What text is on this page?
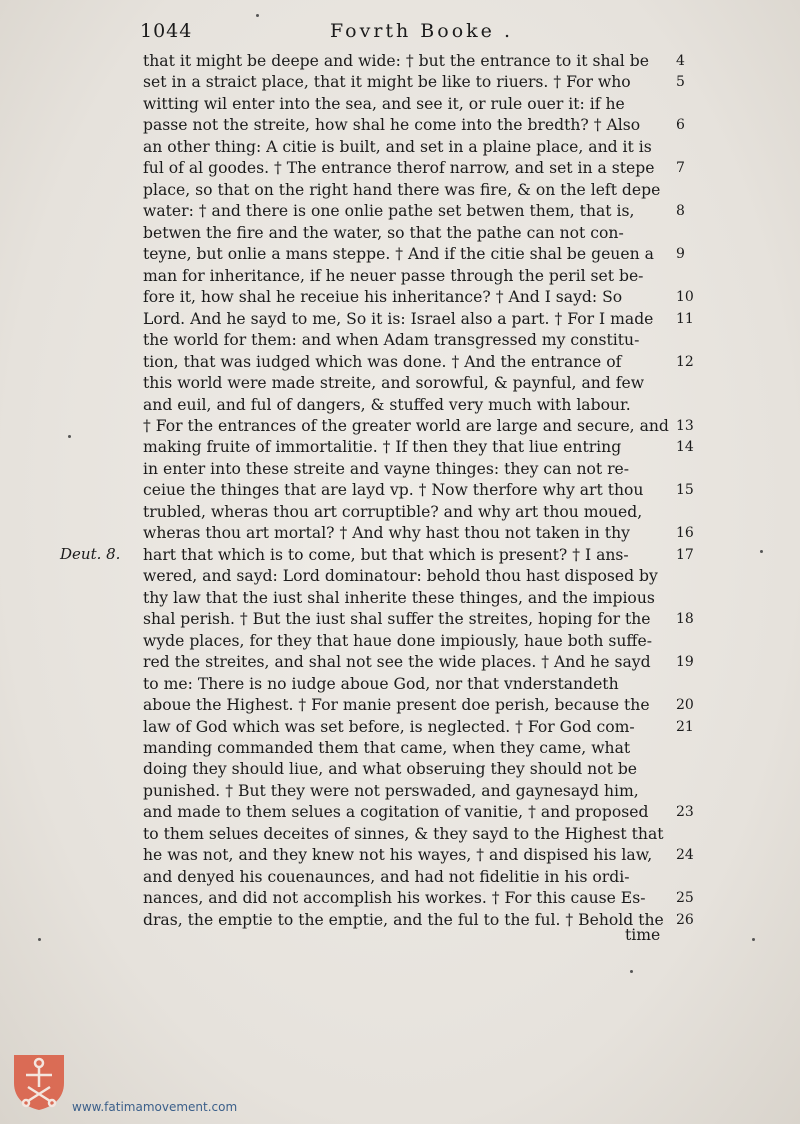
1044	Fovrth Booke .
that it might be deepe and wide: † but the entrance to it shal be
set in a straict place, that it might be like to riuers. † For who
witting wil enter into the sea, and see it, or rule ouer it: if he
passe not the streite, how shal he come into the bredth? † Also
an other thing: A citie is built, and set in a plaine place, and it is
ful of al goodes. † The entrance therof narrow, and set in a stepe
place, so that on the right hand there was fire, & on the left depe
water: † and there is one onlie pathe set betwen them, that is,
betwen the fire and the water, so that the pathe can not con-
teyne, but onlie a mans steppe. † And if the citie shal be geuen a
man for inheritance, if he neuer passe through the peril set be-
fore it, how shal he receiue his inheritance? † And I sayd: So
Lord. And he sayd to me, So it is: Israel also a part. † For I made
the world for them: and when Adam transgressed my constitu-
tion, that was iudged which was done. † And the entrance of
this world were made streite, and sorowful, & paynful, and few
and euil, and ful of dangers, & stuffed very much with labour.
† For the entrances of the greater world are large and secure, and
making fruite of immortalitie. † If then they that liue entring
in enter into these streite and vayne thinges: they can not re-
ceiue the thinges that are layd vp. † Now therfore why art thou
trubled, wheras thou art corruptible? and why art thou moued,
wheras thou art mortal? † And why hast thou not taken in thy
hart that which is to come, but that which is present? † I ans-
wered, and sayd: Lord dominatour: behold thou hast disposed by
thy law that the iust shal inherite these thinges, and the impious
shal perish. † But the iust shal suffer the streites, hoping for the
wyde places, for they that haue done impiously, haue both suffe-
red the streites, and shal not see the wide places. † And he sayd
to me: There is no iudge aboue God, nor that vnderstandeth
aboue the Highest. † For manie present doe perish, because the
law of God which was set before, is neglected. † For God com-
manding commanded them that came, when they came, what
doing they should liue, and what obseruing they should not be
punished. † But they were not perswaded, and gaynesayd him,
and made to them selues a cogitation of vanitie, † and proposed
to them selues deceites of sinnes, & they sayd to the Highest that
he was not, and they knew not his wayes, † and dispised his law,
and denyed his couenaunces, and had not fidelitie in his ordi-
nances, and did not accomplish his workes. † For this cause Es-
dras, the emptie to the emptie, and the ful to the ful. † Behold the
4
5
6
7
8
9
10
11
12
13
14
15
16
17
18
19
20
21
23
24
25
26
Deut. 8.
time
www.fatimamovement.com
